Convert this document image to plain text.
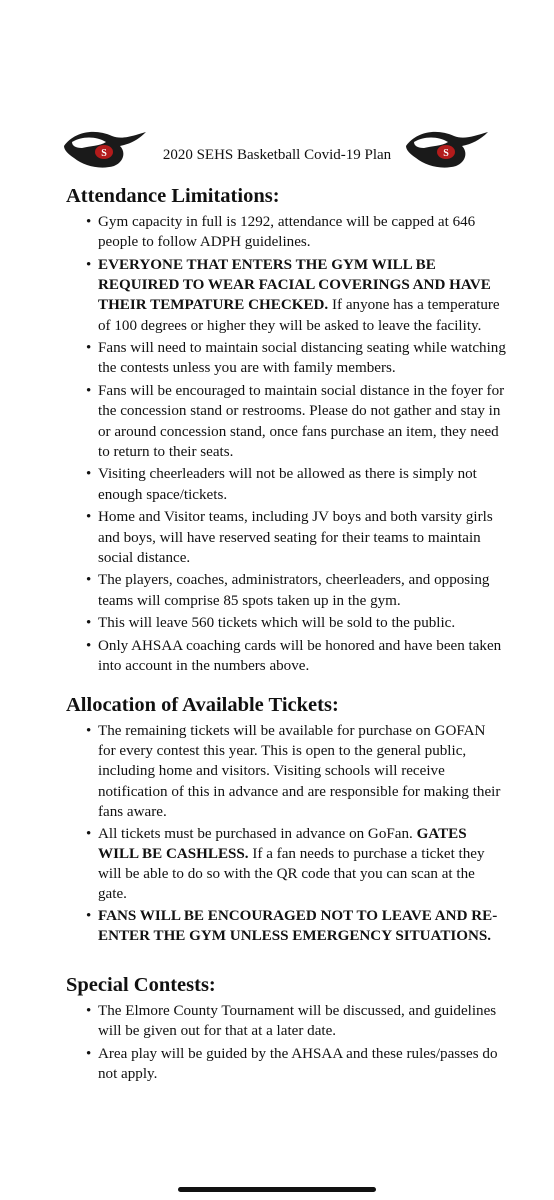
S	2020 SEHS Basketball Covid-19 Plan	S
Attendance Limitations:
• Gym capacity in full is 1292, attendance will be capped at 646 people to follow ADPH guidelines.

• EVERYONE THAT ENTERS THE GYM WILL BE REQUIRED TO WEAR FACIAL COVERINGS AND HAVE THEIR TEMPATURE CHECKED. If anyone has a temperature of 100 degrees or higher they will be asked to leave the facility.

• Fans will need to maintain social distancing seating while watching the contests unless you are with family members.

• Fans will be encouraged to maintain social distance in the foyer for the concession stand or restrooms. Please do not gather and stay in or around concession stand, once fans purchase an item, they need to return to their seats.

• Visiting cheerleaders will not be allowed as there is simply not enough space/tickets.

• Home and Visitor teams, including JV boys and both varsity girls and boys, will have reserved seating for their teams to maintain social distance.

• The players, coaches, administrators, cheerleaders, and opposing teams will comprise 85 spots taken up in the gym.

• This will leave 560 tickets which will be sold to the public.

• Only AHSAA coaching cards will be honored and have been taken into account in the numbers above.

Allocation of Available Tickets:
• The remaining tickets will be available for purchase on GOFAN for every contest this year. This is open to the general public, including home and visitors. Visiting schools will receive notification of this in advance and are responsible for making their fans aware.

• All tickets must be purchased in advance on GoFan. GATES WILL BE CASHLESS. If a fan needs to purchase a ticket they will be able to do so with the QR code that you can scan at the gate.

• FANS WILL BE ENCOURAGED NOT TO LEAVE AND RE-ENTER THE GYM UNLESS EMERGENCY SITUATIONS.

Special Contests:
• The Elmore County Tournament will be discussed, and guidelines will be given out for that at a later date.

• Area play will be guided by the AHSAA and these rules/passes do not apply.
